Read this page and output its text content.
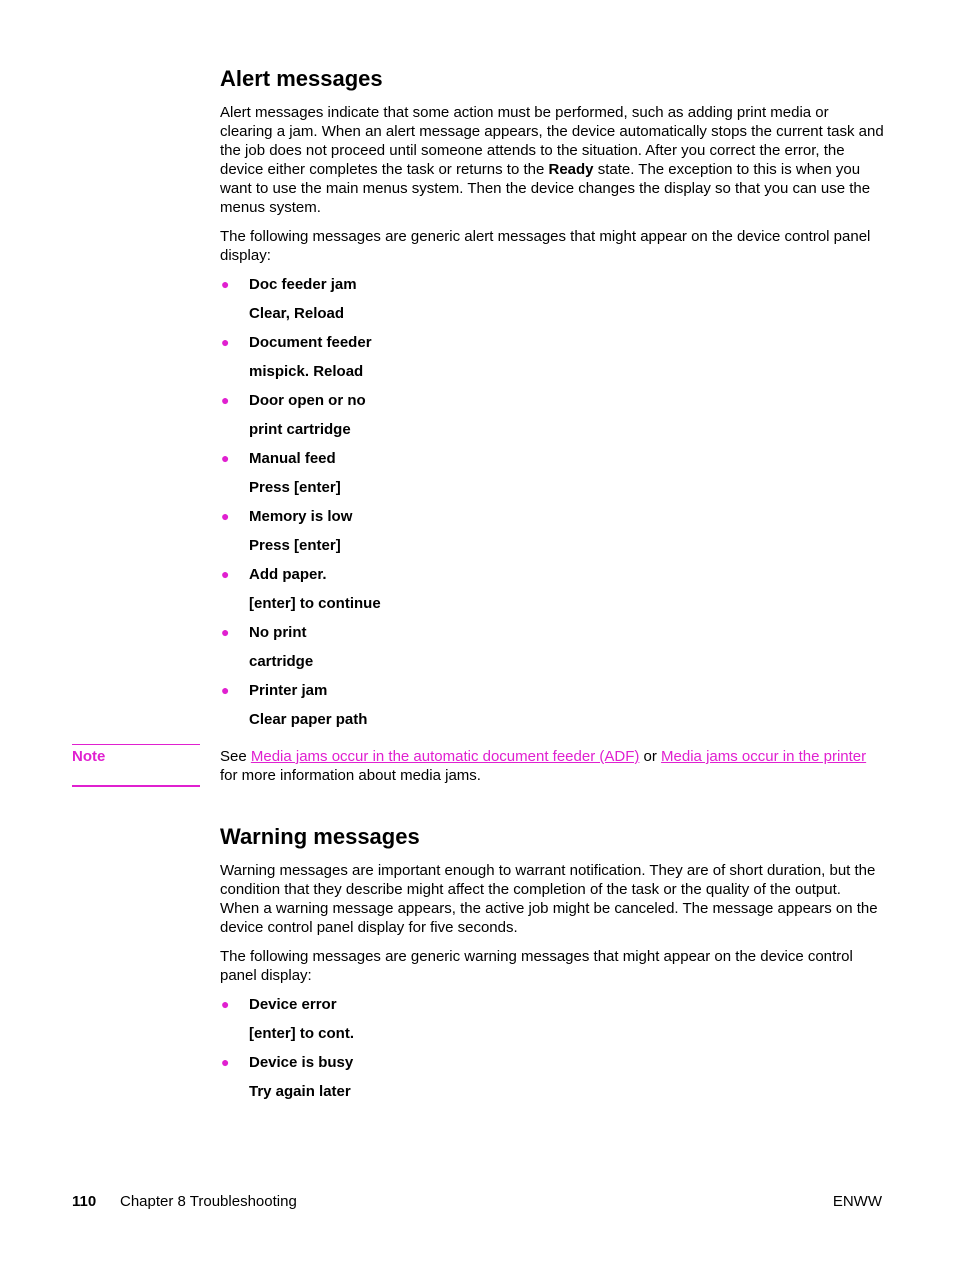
Alert messages

Alert messages indicate that some action must be performed, such as adding print media or clearing a jam. When an alert message appears, the device automatically stops the current task and the job does not proceed until someone attends to the situation. After you correct the error, the device either completes the task or returns to the Ready state. The exception to this is when you want to use the main menus system. Then the device changes the display so that you can use the menus system.

The following messages are generic alert messages that might appear on the device control panel display:

● Doc feeder jam
Clear, Reload
● Document feeder
mispick. Reload
● Door open or no
print cartridge
● Manual feed
Press [enter]
● Memory is low
Press [enter]
● Add paper.
[enter] to continue
● No print
cartridge
● Printer jam
Clear paper path
Note	See Media jams occur in the automatic document feeder (ADF) or Media jams occur in the printer for more information about media jams.

Warning messages

Warning messages are important enough to warrant notification. They are of short duration, but the condition that they describe might affect the completion of the task or the quality of the output. When a warning message appears, the active job might be canceled. The message appears on the device control panel display for five seconds.

The following messages are generic warning messages that might appear on the device control panel display:

● Device error
[enter] to cont.
● Device is busy
Try again later
110 Chapter 8 Troubleshooting	ENWW
